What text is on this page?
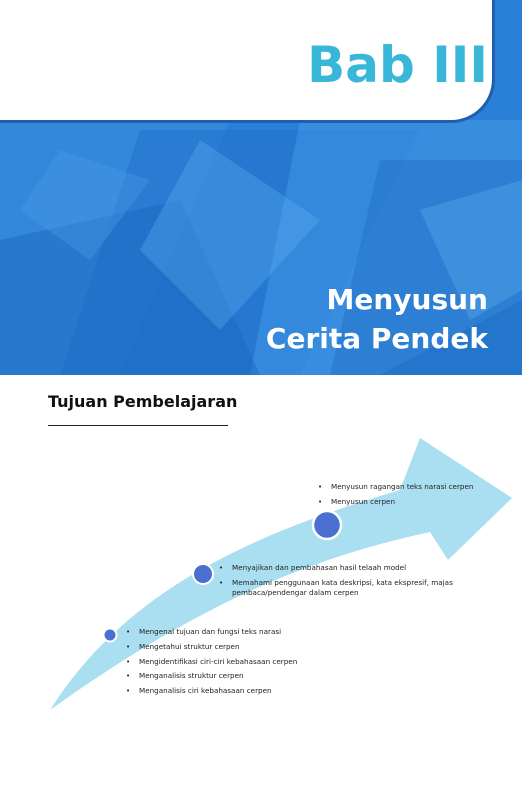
Bab III
Menyusun
Cerita Pendek
Tujuan Pembelajaran
• Menyusun ragangan teks narasi cerpen
• Menyusun cerpen
• Menyajikan dan pembahasan hasil telaah model
• Memahami penggunaan kata deskripsi, kata ekspresif, majas pembaca/pendengar dalam cerpen
• Mengenal tujuan dan fungsi teks narasi
• Mengetahui struktur cerpen
• Mengidentifikasi ciri-ciri kebahasaan cerpen
• Menganalisis struktur cerpen
• Menganalisis ciri kebahasaan cerpen
